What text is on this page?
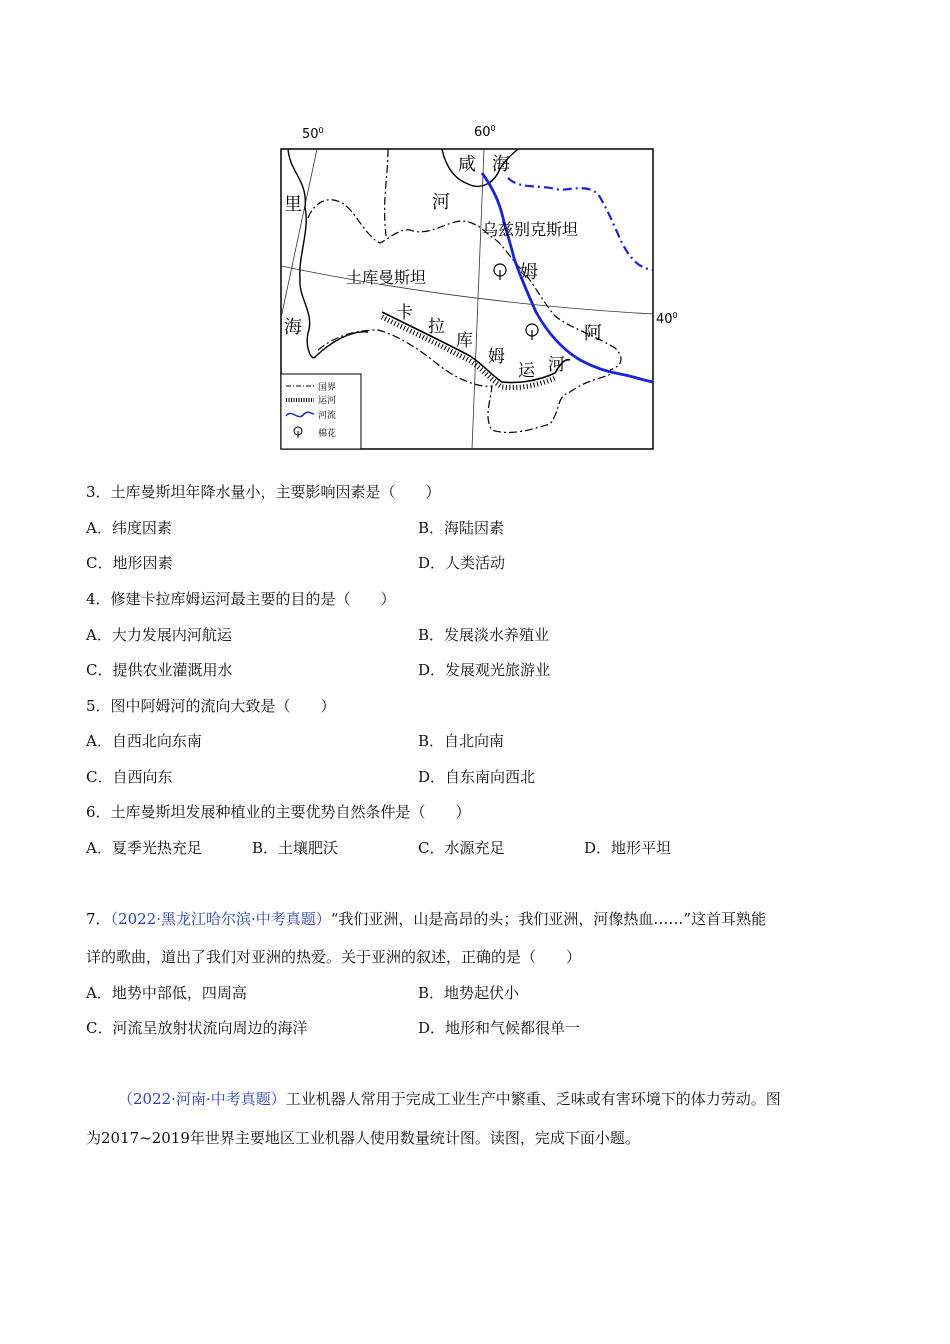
$50^0$	$60^0$
$40^0$
咸 海
里	河
乌兹别克斯坦
土库曼斯坦	姆
海
卡
拉
库	阿
姆
运 河
国界
运河
河流
棉花
3．土库曼斯坦年降水量小，主要影响因素是（　　）
A．纬度因素	B．海陆因素
C．地形因素	D．人类活动
4．修建卡拉库姆运河最主要的目的是（　　）
A．大力发展内河航运	B．发展淡水养殖业
C．提供农业灌溉用水	D．发展观光旅游业
5．图中阿姆河的流向大致是（　　）
A．自西北向东南	B．自北向南
C．自西向东	D．自东南向西北
6．土库曼斯坦发展种植业的主要优势自然条件是（　　）
A．夏季光热充足	B．土壤肥沃	C．水源充足	D．地形平坦
7．（2022·黑龙江哈尔滨·中考真题）“我们亚洲，山是高昂的头；我们亚洲，河像热血……”这首耳熟能
详的歌曲，道出了我们对亚洲的热爱。关于亚洲的叙述，正确的是（　　）
A．地势中部低，四周高	B．地势起伏小
C．河流呈放射状流向周边的海洋	D．地形和气候都很单一
（2022·河南·中考真题）工业机器人常用于完成工业生产中繁重、乏味或有害环境下的体力劳动。图
为2017~2019年世界主要地区工业机器人使用数量统计图。读图，完成下面小题。
